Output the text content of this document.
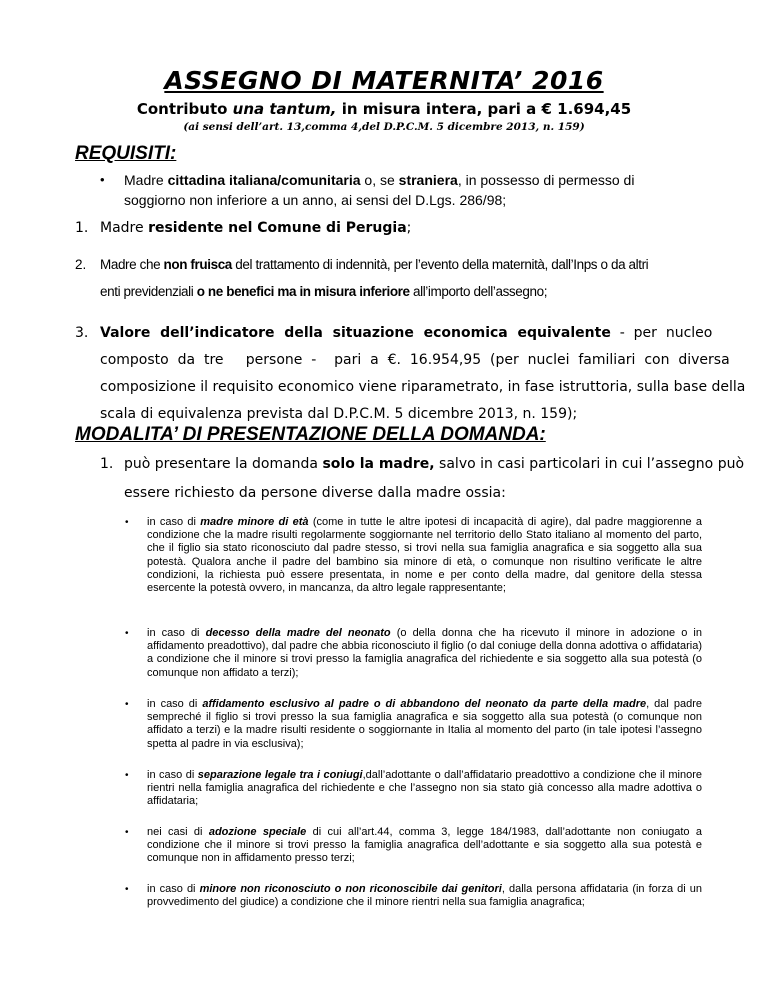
ASSEGNO DI MATERNITA’ 2016
Contributo una tantum, in misura intera, pari a € 1.694,45
(ai sensi dell’art. 13,comma 4,del D.P.C.M. 5 dicembre 2013, n. 159)
REQUISITI:
• Madre cittadina italiana/comunitaria o, se straniera, in possesso di permesso di
soggiorno non inferiore a un anno, ai sensi del D.Lgs. 286/98;
1. Madre residente nel Comune di Perugia;
2. Madre che non fruisca del trattamento di indennità, per l’evento della maternità, dall’Inps o da altri
enti previdenziali o ne benefici ma in misura inferiore all’importo dell’assegno;
3. Valore  dell’indicatore  della  situazione  economica  equivalente  -  per  nucleo
composto  da  tre     persone  -    pari  a  €.  16.954,95  (per  nuclei  familiari  con  diversa
composizione il requisito economico viene riparametrato, in fase istruttoria, sulla base della
scala di equivalenza prevista dal D.P.C.M. 5 dicembre 2013, n. 159);
MODALITA’ DI PRESENTAZIONE DELLA DOMANDA:
1. può presentare la domanda solo la madre, salvo in casi particolari in cui l’assegno può
essere richiesto da persone diverse dalla madre ossia:
• in caso di madre minore di età (come in tutte le altre ipotesi di incapacità di agire), dal padre maggiorenne a condizione che la madre risulti regolarmente soggiornante nel territorio dello Stato italiano al momento del parto, che il figlio sia stato riconosciuto dal padre stesso, si trovi nella sua famiglia anagrafica e sia soggetto alla sua potestà. Qualora anche il padre del bambino sia minore di età, o comunque non risultino verificate le altre condizioni, la richiesta può essere presentata, in nome e per conto della madre, dal genitore della stessa esercente la potestà ovvero, in mancanza, da altro legale rappresentante;
• in caso di decesso della madre del neonato (o della donna che ha ricevuto il minore in adozione o in affidamento preadottivo), dal padre che abbia riconosciuto il figlio (o dal coniuge della donna adottiva o affidataria) a condizione che il minore si trovi presso la famiglia anagrafica del richiedente e sia soggetto alla sua potestà (o comunque non affidato a terzi);
• in caso di affidamento esclusivo al padre o di abbandono del neonato da parte della madre, dal padre sempreché il figlio si trovi presso la sua famiglia anagrafica e sia soggetto alla sua potestà (o comunque non affidato a terzi) e la madre risulti residente o soggiornante in Italia al momento del parto (in tale ipotesi l’assegno spetta al padre in via esclusiva);
• in caso di separazione legale tra i coniugi,dall’adottante o dall’affidatario preadottivo a condizione che il minore rientri nella famiglia anagrafica del richiedente e che l’assegno non sia stato già concesso alla madre adottiva o affidataria;
• nei casi di adozione speciale di cui all’art.44, comma 3, legge 184/1983, dall’adottante non coniugato a condizione che il minore si trovi presso la famiglia anagrafica dell’adottante e sia soggetto alla sua potestà e comunque non in affidamento presso terzi;
• in caso di minore non riconosciuto o non riconoscibile dai genitori, dalla persona affidataria (in forza di un provvedimento del giudice) a condizione che il minore rientri nella sua famiglia anagrafica;
